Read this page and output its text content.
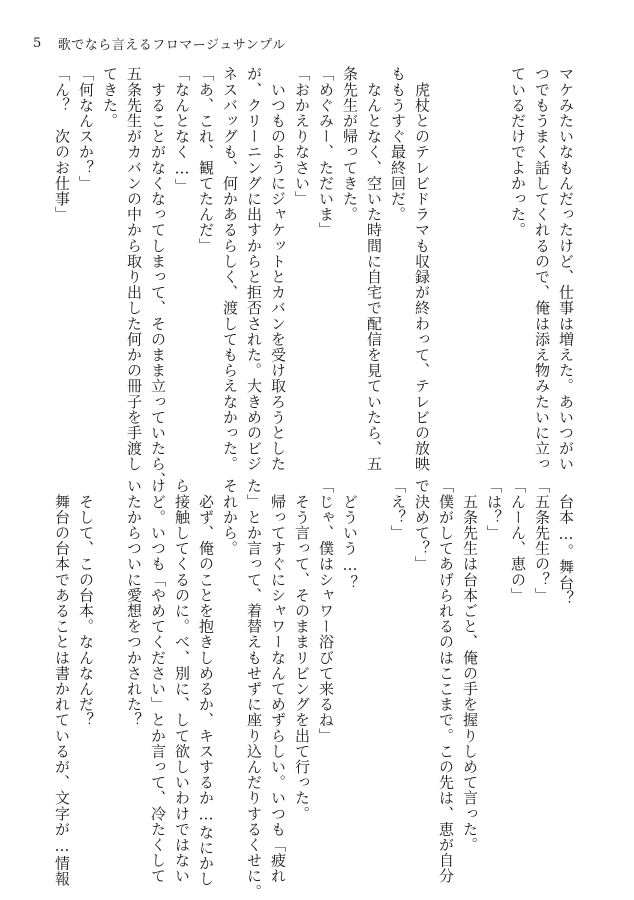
5 歌でなら言えるフロマージュサンプル

マケみたいなもんだったけど、仕事は増えた。あいつがい

つでもうまく話してくれるので、俺は添え物みたいに立っ

ているだけでよかった。

　虎杖とのテレビドラマも収録が終わって、テレビの放映

ももうすぐ最終回だ。

　なんとなく、空いた時間に自宅で配信を見ていたら、五

条先生が帰ってきた。

「めぐみー、ただいま」

「おかえりなさい」

　いつものようにジャケットとカバンを受け取ろうとした

が、クリーニングに出すからと拒否された。大きめのビジ

ネスバッグも、何かあるらしく、渡してもらえなかった。

「あ、これ、観てたんだ」

「なんとなく…」

　することがなくなってしまって、そのまま立っていたら、

五条先生がカバンの中から取り出した何かの冊子を手渡し

てきた。

「何なんスか？」

「ん？　次のお仕事」

　台本…。舞台？

「五条先生の？」

「んーん、恵の」

「は？」

　五条先生は台本ごと、俺の手を握りしめて言った。

「僕がしてあげられるのはここまで。この先は、恵が自分

で決めて？」

「え？」

　どういう…？

「じゃ、僕はシャワー浴びて来るね」

　そう言って、そのままリビングを出て行った。

　帰ってすぐにシャワーなんてめずらしい。いつも「疲れ

た」とか言って、着替えもせずに座り込んだりするくせに。

それから。

　必ず、俺のことを抱きしめるか、キスするか…なにかし

ら接触してくるのに。べ、別に、して欲しいわけではない

けど。いつも「やめてください」とか言って、冷たくして

いたからついに愛想をつかされた？

　そして、この台本。なんなんだ？

　舞台の台本であることは書かれているが、文字が…情報
